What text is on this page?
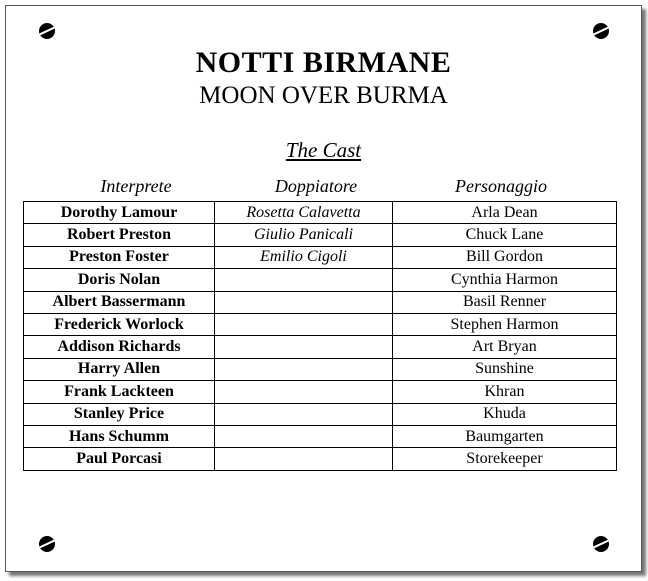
NOTTI BIRMANE
MOON OVER BURMA
The Cast
Interprete	Doppiatore	Personaggio
Dorothy Lamour	Rosetta Calavetta	Arla Dean
Robert Preston	Giulio Panicali	Chuck Lane
Preston Foster	Emilio Cigoli	Bill Gordon
Doris Nolan		Cynthia Harmon
Albert Bassermann		Basil Renner
Frederick Worlock		Stephen Harmon
Addison Richards		Art Bryan
Harry Allen		Sunshine
Frank Lackteen		Khran
Stanley Price		Khuda
Hans Schumm		Baumgarten
Paul Porcasi		Storekeeper
